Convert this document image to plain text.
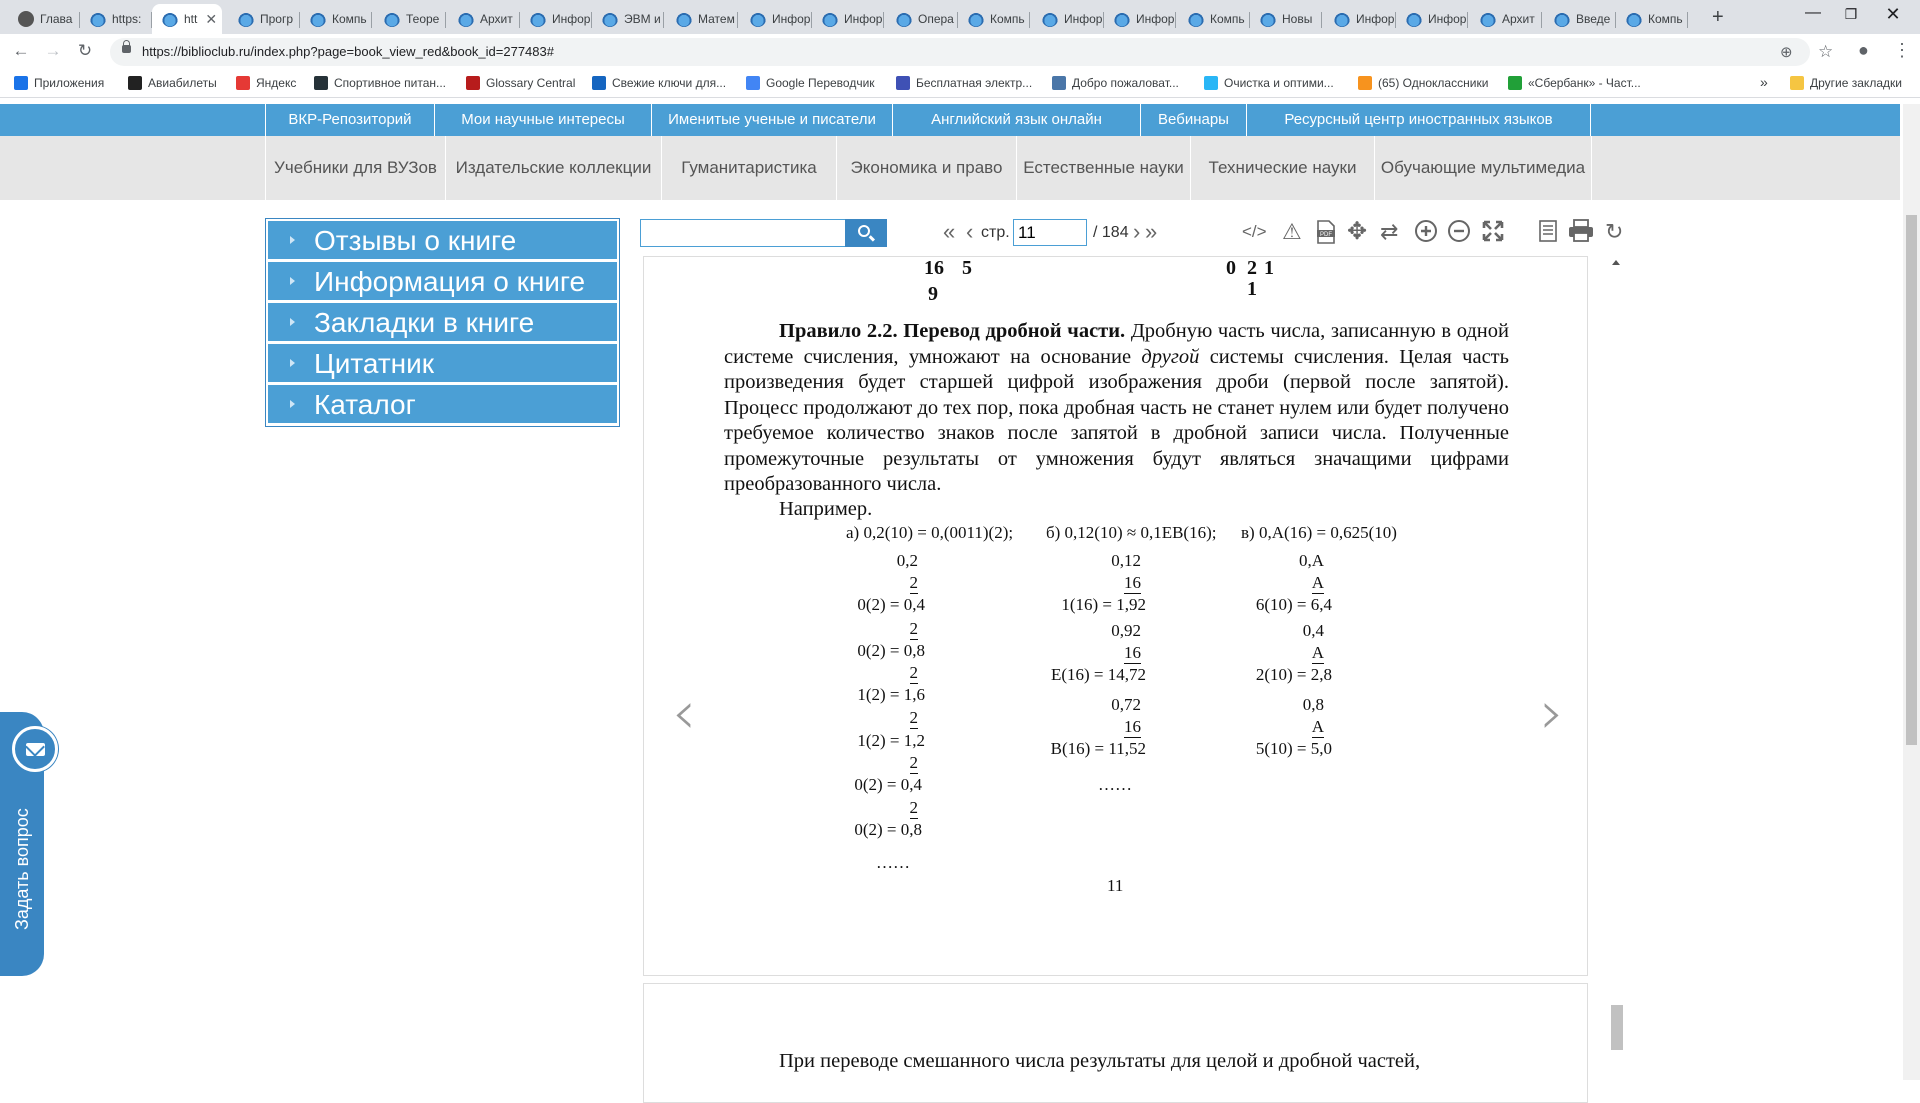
Глава	https:	htt ✕	Прогр	Компь	Теоре	Архит	Инфор	ЭВМ и	Матем	Инфор	Инфор	Опера	Компь	Инфор	Инфор	Компь	Новы	Инфор	Инфор	Архит	Введе	Компь +	—	❐	✕
← → ↻	https://biblioclub.ru/index.php?page=book_view_red&book_id=277483#	⊕ ☆ ● ⋮
Приложения	Авиабилеты	Яндекс	Спортивное питан...	Glossary Central	Свежие ключи для...	Google Переводчик	Бесплатная электр...	Добро пожаловат...	Очистка и оптими...	(65) Одноклассники	«Сбербанк» - Част...	»	Другие закладки
ВКР-Репозиторий	Мои научные интересы	Именитые ученые и писатели	Английский язык онлайн	Вебинары	Ресурсный центр иностранных языков
Учебники для ВУЗов	Издательские коллекции	Гуманитаристика	Экономика и право	Естественные науки	Технические науки	Обучающие мультимедиа
Отзывы о книге
Информация о книге
Закладки в книге
Цитатник
Каталог
« ‹ стр.
11	/ 184 › »	</> ⚠	PDF ✥ ⇄	↻
16 5
9
0 2 1
1
Правило 2.2. Перевод дробной части. Дробную часть числа, записанную в одной системе счисления, умножают на основание другой системы счисления. Целая часть произведения будет старшей цифрой изображения дроби (первой после запятой). Процесс продолжают до тех пор, пока дробная часть не станет нулем или будет получено требуемое количество знаков после запятой в дробной записи числа. Полученные промежуточные результаты от умножения будут являться значащими цифрами преобразованного числа.
Например.
а) 0,2(10) = 0,(0011)(2); б) 0,12(10) ≈ 0,1EB(16); в) 0,A(16) = 0,625(10)
0,2
2
0(2) = 0,4
2
0(2) = 0,8
2
1(2) = 1,6
2
1(2) = 1,2
2
0(2) = 0,4
2
0(2) = 0,8
……
0,12
16
1(16) = 1,92
0,92
16
E(16) = 14,72
0,72
16
B(16) = 11,52
……
0,A
A
6(10) = 6,4
0,4
A
2(10) = 2,8
0,8
A
5(10) = 5,0
11
‹	›
При переводе смешанного числа результаты для целой и дробной частей,
Задать вопрос
